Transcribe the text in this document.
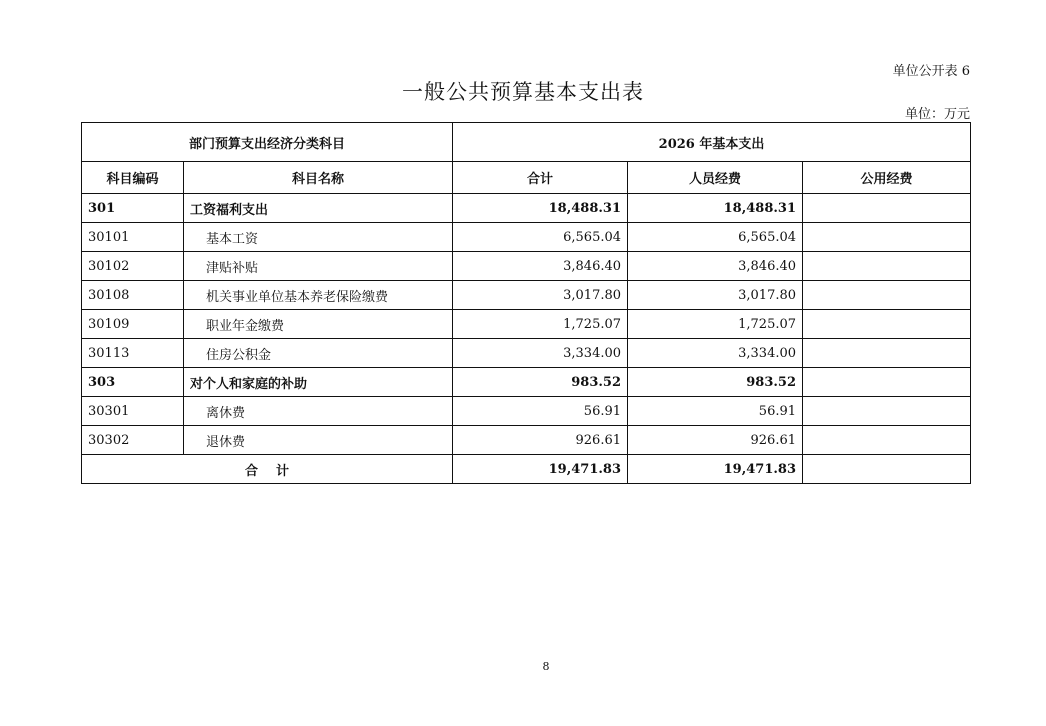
单位公开表 6
一般公共预算基本支出表
单位：万元
部门预算支出经济分类科目		2026 年基本支出		
科目编码	科目名称	合计	人员经费	公用经费
301	工资福利支出	18,488.31	18,488.31	
30101	基本工资	6,565.04	6,565.04	
30102	津贴补贴	3,846.40	3,846.40	
30108	机关事业单位基本养老保险缴费	3,017.80	3,017.80	
30109	职业年金缴费	1,725.07	1,725.07	
30113	住房公积金	3,334.00	3,334.00	
303	对个人和家庭的补助	983.52	983.52	
30301	离休费	56.91	56.91	
30302	退休费	926.61	926.61	
合计		19,471.83	19,471.83	
8
